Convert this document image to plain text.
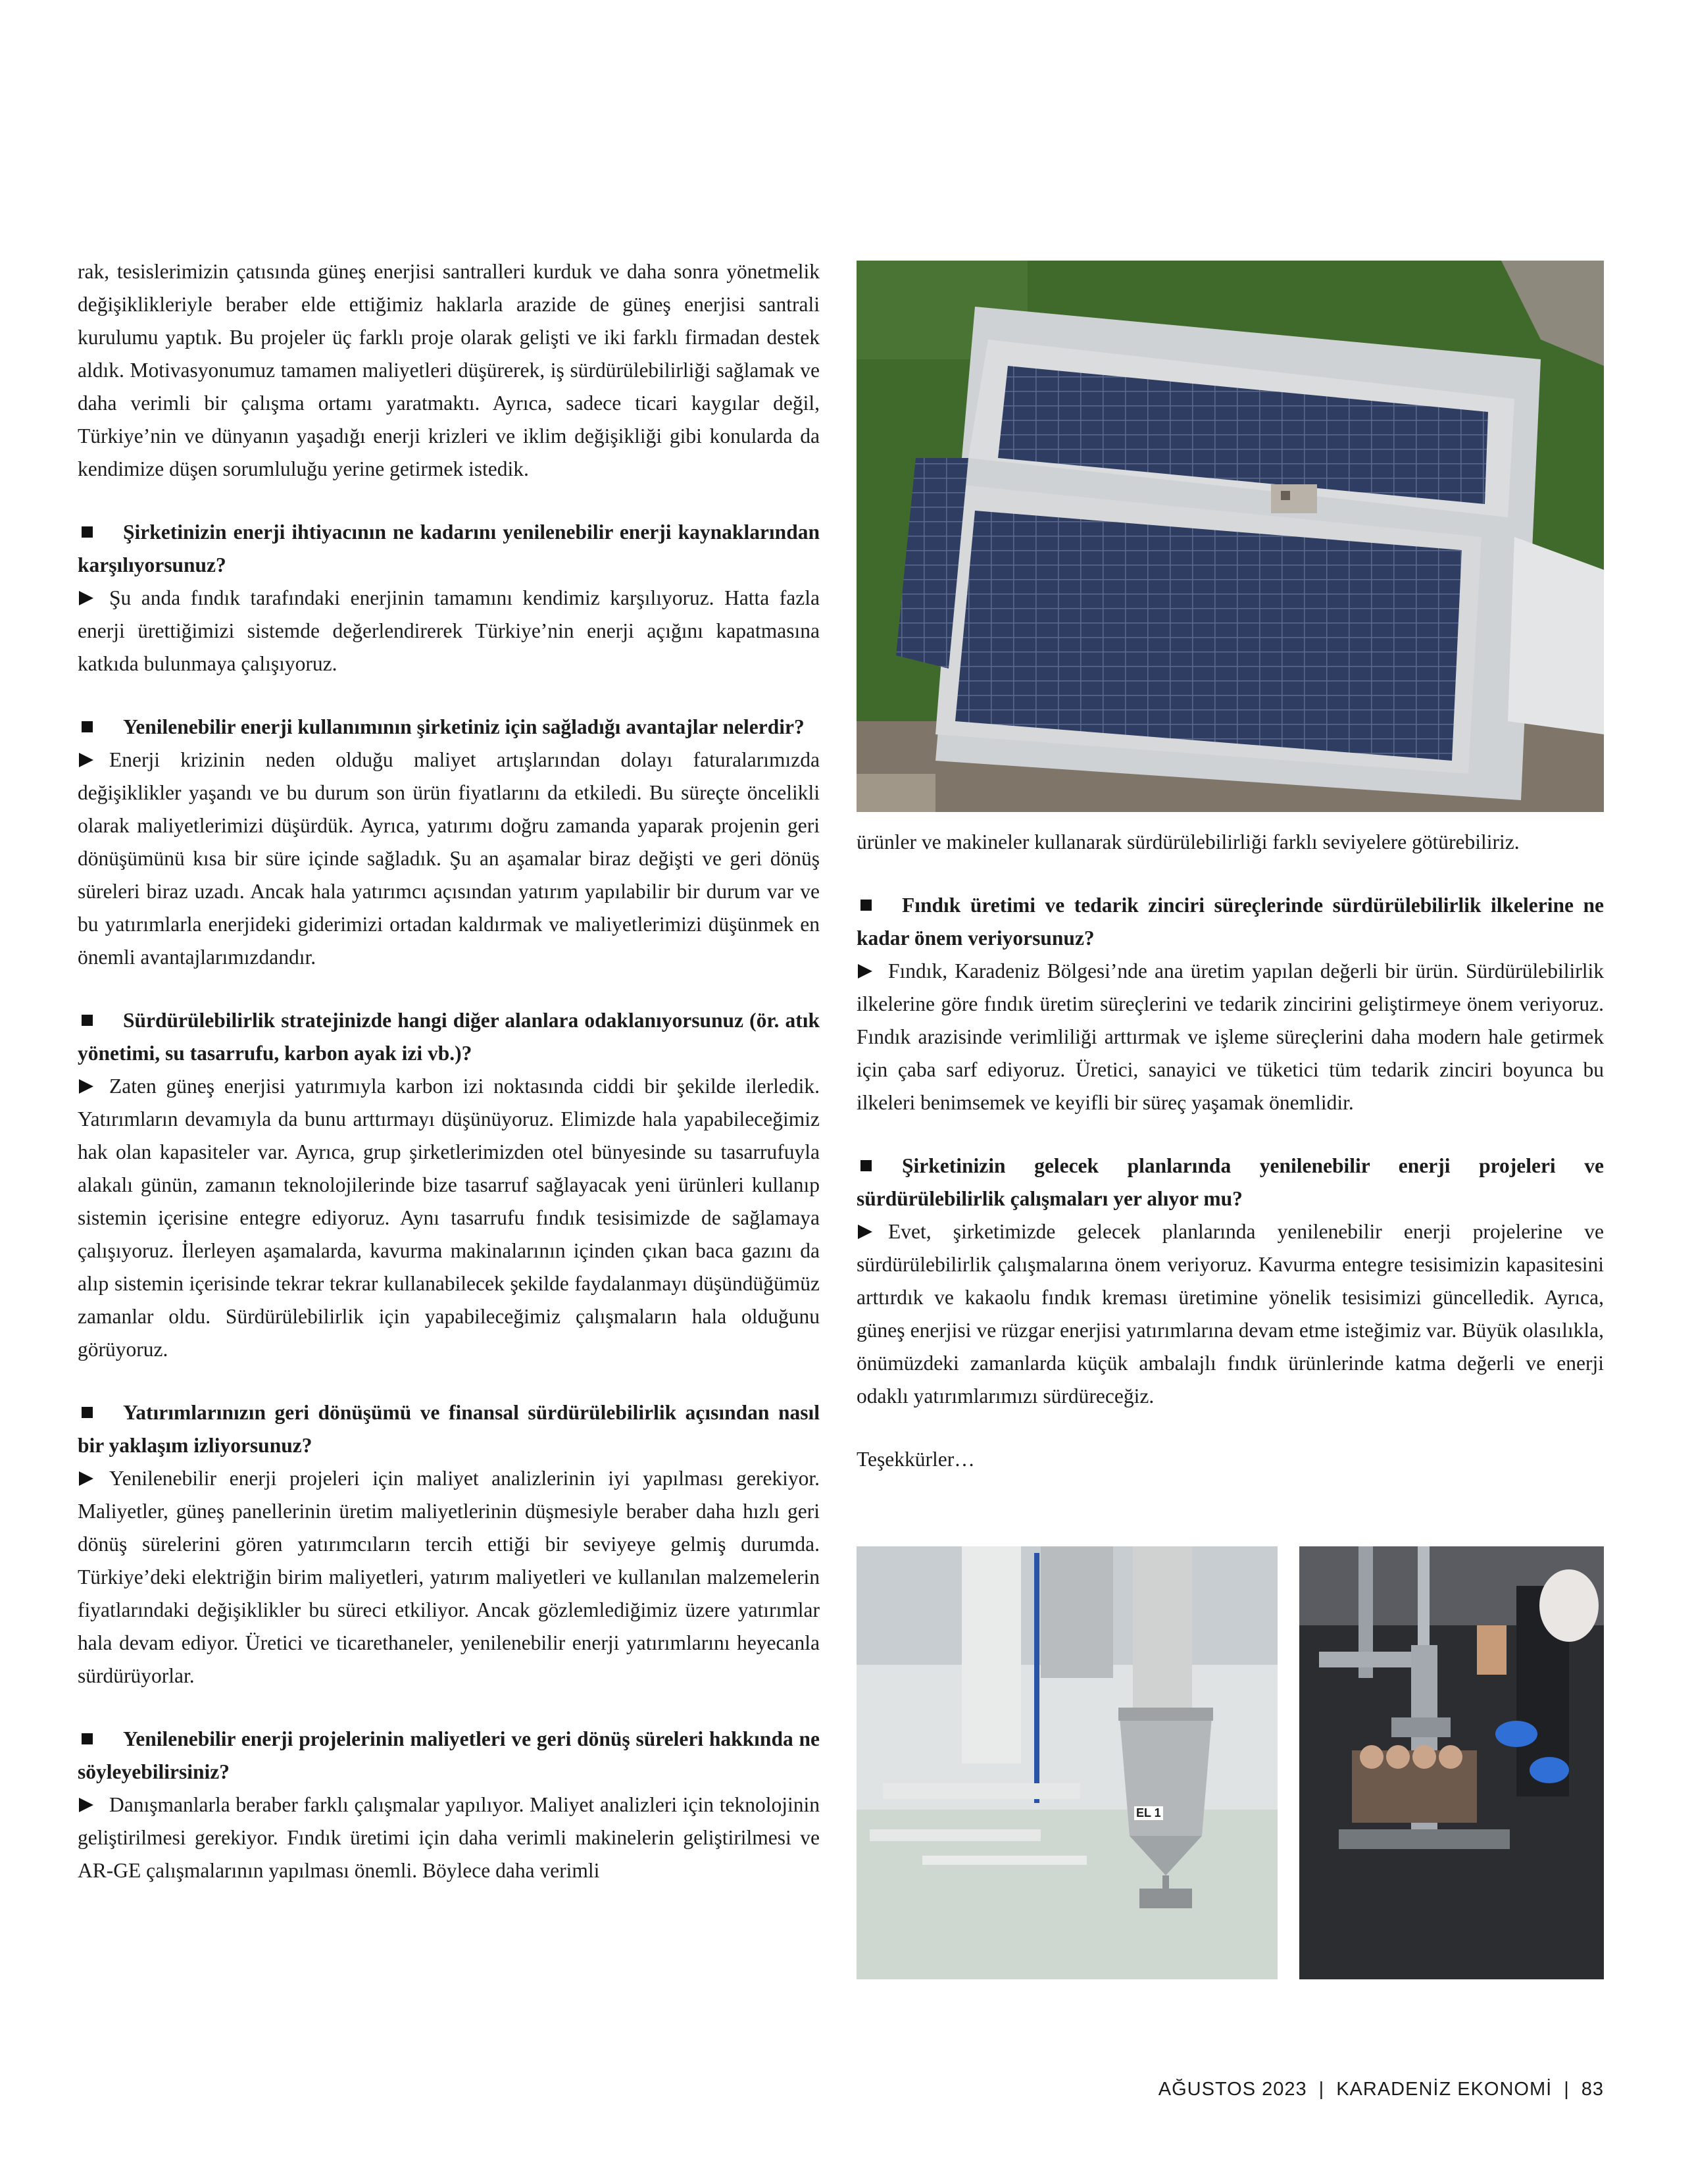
rak, tesislerimizin çatısında güneş enerjisi santralleri kurduk ve daha sonra yönetmelik değişiklikleriyle beraber elde ettiğimiz haklarla arazide de güneş enerjisi santrali kurulumu yaptık. Bu projeler üç farklı proje olarak gelişti ve iki farklı firmadan destek aldık. Motivasyonumuz tamamen maliyetleri düşürerek, iş sürdürülebilirliği sağlamak ve daha verimli bir çalışma ortamı yaratmaktı. Ayrıca, sadece ticari kaygılar değil, Türkiye’nin ve dünyanın yaşadığı enerji krizleri ve iklim değişikliği gibi konularda da kendimize düşen sorumluluğu yerine getirmek istedik.

Şirketinizin enerji ihtiyacının ne kadarını yenilenebilir enerji kaynaklarından karşılıyorsunuz?

Şu anda fındık tarafındaki enerjinin tamamını kendimiz karşılıyoruz. Hatta fazla enerji ürettiğimizi sistemde değerlendirerek Türkiye’nin enerji açığını kapatmasına katkıda bulunmaya çalışıyoruz.

Yenilenebilir enerji kullanımının şirketiniz için sağladığı avantajlar nelerdir?

Enerji krizinin neden olduğu maliyet artışlarından dolayı faturalarımızda değişiklikler yaşandı ve bu durum son ürün fiyatlarını da etkiledi. Bu süreçte öncelikli olarak maliyetlerimizi düşürdük. Ayrıca, yatırımı doğru zamanda yaparak projenin geri dönüşümünü kısa bir süre içinde sağladık. Şu an aşamalar biraz değişti ve geri dönüş süreleri biraz uzadı. Ancak hala yatırımcı açısından yatırım yapılabilir bir durum var ve bu yatırımlarla enerjideki giderimizi ortadan kaldırmak ve maliyetlerimizi düşünmek en önemli avantajlarımızdandır.

Sürdürülebilirlik stratejinizde hangi diğer alanlara odaklanıyorsunuz (ör. atık yönetimi, su tasarrufu, karbon ayak izi vb.)?

Zaten güneş enerjisi yatırımıyla karbon izi noktasında ciddi bir şekilde ilerledik. Yatırımların devamıyla da bunu arttırmayı düşünüyoruz. Elimizde hala yapabileceğimiz hak olan kapasiteler var. Ayrıca, grup şirketlerimizden otel bünyesinde su tasarrufuyla alakalı günün, zamanın teknolojilerinde bize tasarruf sağlayacak yeni ürünleri kullanıp sistemin içerisine entegre ediyoruz. Aynı tasarrufu fındık tesisimizde de sağlamaya çalışıyoruz. İlerleyen aşamalarda, kavurma makinalarının içinden çıkan baca gazını da alıp sistemin içerisinde tekrar tekrar kullanabilecek şekilde faydalanmayı düşündüğümüz zamanlar oldu. Sürdürülebilirlik için yapabileceğimiz çalışmaların hala olduğunu görüyoruz.

Yatırımlarınızın geri dönüşümü ve finansal sürdürülebilirlik açısından nasıl bir yaklaşım izliyorsunuz?

Yenilenebilir enerji projeleri için maliyet analizlerinin iyi yapılması gerekiyor. Maliyetler, güneş panellerinin üretim maliyetlerinin düşmesiyle beraber daha hızlı geri dönüş sürelerini gören yatırımcıların tercih ettiği bir seviyeye gelmiş durumda. Türkiye’deki elektriğin birim maliyetleri, yatırım maliyetleri ve kullanılan malzemelerin fiyatlarındaki değişiklikler bu süreci etkiliyor. Ancak gözlemlediğimiz üzere yatırımlar hala devam ediyor. Üretici ve ticarethaneler, yenilenebilir enerji yatırımlarını heyecanla sürdürüyorlar.

Yenilenebilir enerji projelerinin maliyetleri ve geri dönüş süreleri hakkında ne söyleyebilirsiniz?

Danışmanlarla beraber farklı çalışmalar yapılıyor. Maliyet analizleri için teknolojinin geliştirilmesi gerekiyor. Fındık üretimi için daha verimli makinelerin geliştirilmesi ve AR-GE çalışmalarının yapılması önemli. Böylece daha verimli

ürünler ve makineler kullanarak sürdürülebilirliği farklı seviyelere götürebiliriz.

Fındık üretimi ve tedarik zinciri süreçlerinde sürdürülebilirlik ilkelerine ne kadar önem veriyorsunuz?

Fındık, Karadeniz Bölgesi’nde ana üretim yapılan değerli bir ürün. Sürdürülebilirlik ilkelerine göre fındık üretim süreçlerini ve tedarik zincirini geliştirmeye önem veriyoruz. Fındık arazisinde verimliliği arttırmak ve işleme süreçlerini daha modern hale getirmek için çaba sarf ediyoruz. Üretici, sanayici ve tüketici tüm tedarik zinciri boyunca bu ilkeleri benimsemek ve keyifli bir süreç yaşamak önemlidir.

Şirketinizin gelecek planlarında yenilenebilir enerji projeleri ve sürdürülebilirlik çalışmaları yer alıyor mu?

Evet, şirketimizde gelecek planlarında yenilenebilir enerji projelerine ve sürdürülebilirlik çalışmalarına önem veriyoruz. Kavurma entegre tesisimizin kapasitesini arttırdık ve kakaolu fındık kreması üretimine yönelik tesisimizi güncelledik. Ayrıca, güneş enerjisi ve rüzgar enerjisi yatırımlarına devam etme isteğimiz var. Büyük olasılıkla, önümüzdeki zamanlarda küçük ambalajlı fındık ürünlerinde katma değerli ve enerji odaklı yatırımlarımızı sürdüreceğiz.

Teşekkürler…

EL 1
AĞUSTOS 2023 | KARADENİZ EKONOMİ | 83
